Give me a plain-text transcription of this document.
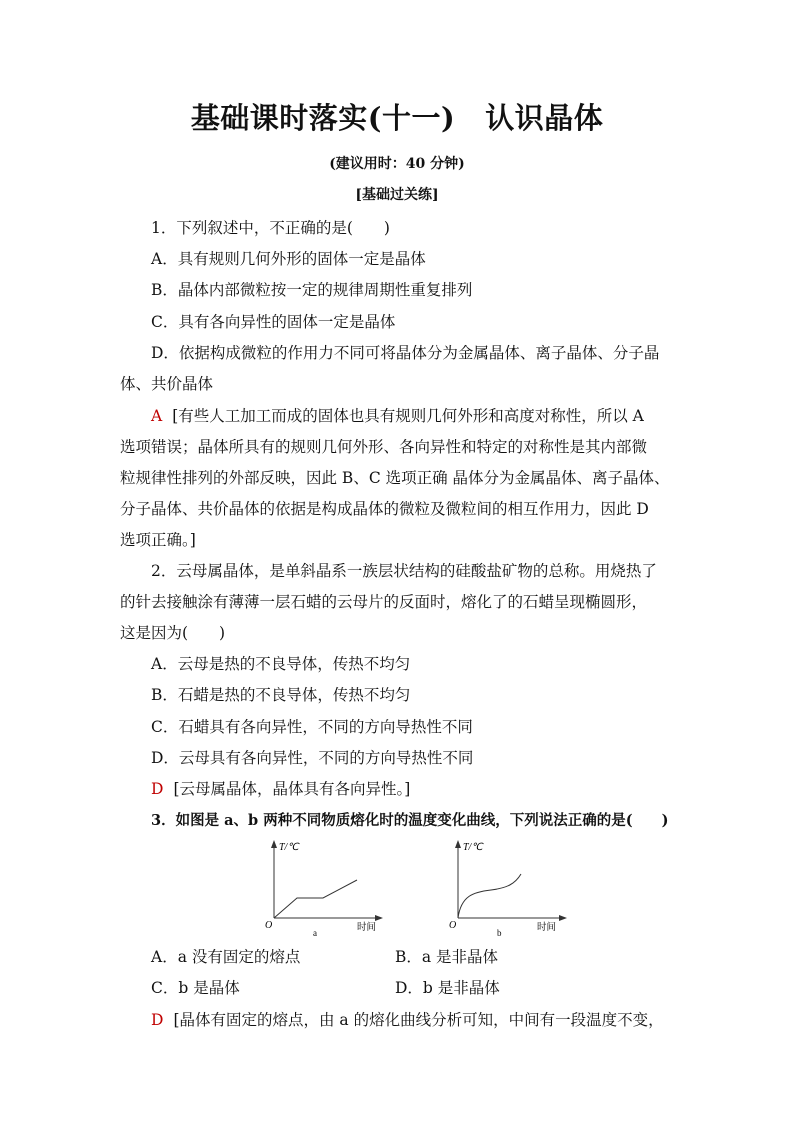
基础课时落实(十一) 认识晶体
(建议用时：40 分钟)
[基础过关练]
1．下列叙述中，不正确的是(　　)
A．具有规则几何外形的固体一定是晶体
B．晶体内部微粒按一定的规律周期性重复排列
C．具有各向异性的固体一定是晶体
D．依据构成微粒的作用力不同可将晶体分为金属晶体、离子晶体、分子晶
体、共价晶体
A [有些人工加工而成的固体也具有规则几何外形和高度对称性，所以 A
选项错误；晶体所具有的规则几何外形、各向异性和特定的对称性是其内部微
粒规律性排列的外部反映，因此 B、C 选项正确 晶体分为金属晶体、离子晶体、
分子晶体、共价晶体的依据是构成晶体的微粒及微粒间的相互作用力，因此 D
选项正确。]
2．云母属晶体，是单斜晶系一族层状结构的硅酸盐矿物的总称。用烧热了
的针去接触涂有薄薄一层石蜡的云母片的反面时，熔化了的石蜡呈现椭圆形，
这是因为(　　)
A．云母是热的不良导体，传热不均匀
B．石蜡是热的不良导体，传热不均匀
C．石蜡具有各向异性，不同的方向导热性不同
D．云母具有各向异性，不同的方向导热性不同
D [云母属晶体，晶体具有各向异性。]
3．如图是 a、b 两种不同物质熔化时的温度变化曲线，下列说法正确的是(　　)
T/℃
O	时间
a
T/℃
O	时间
b
A．a 没有固定的熔点	B．a 是非晶体
C．b 是晶体	D．b 是非晶体
D [晶体有固定的熔点，由 a 的熔化曲线分析可知，中间有一段温度不变，
